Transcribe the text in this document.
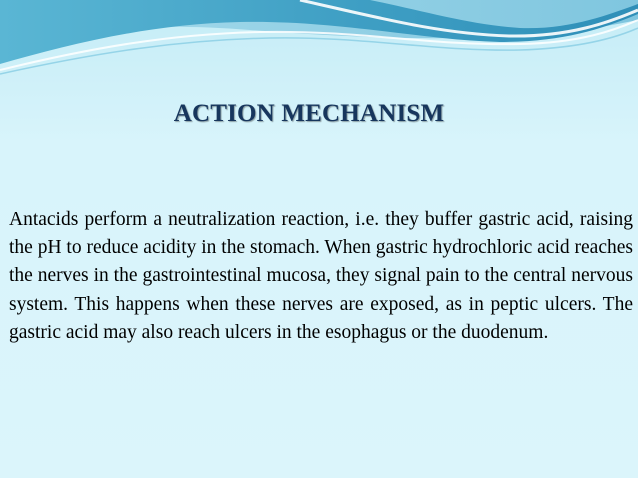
ACTION MECHANISM

Antacids perform a neutralization reaction, i.e. they buffer gastric acid, raising the pH to reduce acidity in the stomach. When gastric hydrochloric acid reaches the nerves in the gastrointestinal mucosa, they signal pain to the central nervous system. This happens when these nerves are exposed, as in peptic ulcers. The gastric acid may also reach ulcers in the esophagus or the duodenum.
